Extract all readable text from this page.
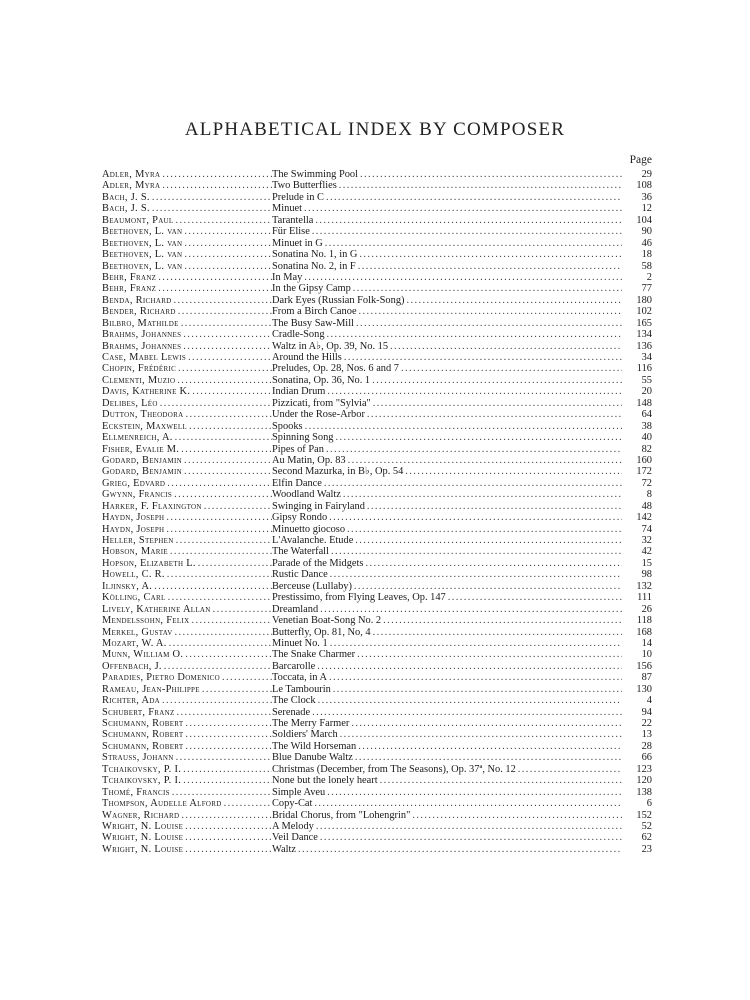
ALPHABETICAL INDEX BY COMPOSER
Page
Adler, Myra . . .	The Swimming Pool . . .	29
Adler, Myra . . .	Two Butterflies . . .	108
Bach, J. S. . . .	Prelude in C . . .	36
Bach, J. S. . . .	Minuet . . .	12
Beaumont, Paul . . .	Tarantella . . .	104
Beethoven, L. van . . .	Für Elise . . .	90
Beethoven, L. van . . .	Minuet in G . . .	46
Beethoven, L. van . . .	Sonatina No. 1, in G . . .	18
Beethoven, L. van . . .	Sonatina No. 2, in F . . .	58
Behr, Franz . . .	In May . . .	2
Behr, Franz . . .	In the Gipsy Camp . . .	77
Benda, Richard . . .	Dark Eyes (Russian Folk-Song) . . .	180
Bender, Richard . . .	From a Birch Canoe . . .	102
Bilbro, Mathilde . . .	The Busy Saw-Mill . . .	165
Brahms, Johannes . . .	Cradle-Song . . .	134
Brahms, Johannes . . .	Waltz in A♭, Op. 39, No. 15 . . .	136
Case, Mabel Lewis . . .	Around the Hills . . .	34
Chopin, Frédéric . . .	Preludes, Op. 28, Nos. 6 and 7 . . .	116
Clementi, Muzio . . .	Sonatina, Op. 36, No. 1 . . .	55
Davis, Katherine K. . . .	Indian Drum . . .	20
Delibes, Léo . . .	Pizzicati, from "Sylvia" . . .	148
Dutton, Theodora . . .	Under the Rose-Arbor . . .	64
Eckstein, Maxwell . . .	Spooks . . .	38
Ellmenreich, A. . . .	Spinning Song . . .	40
Fisher, Evalie M. . . .	Pipes of Pan . . .	82
Godard, Benjamin . . .	Au Matin, Op. 83 . . .	160
Godard, Benjamin . . .	Second Mazurka, in B♭, Op. 54 . . .	172
Grieg, Edvard . . .	Elfin Dance . . .	72
Gwynn, Francis . . .	Woodland Waltz . . .	8
Harker, F. Flaxington . . .	Swinging in Fairyland . . .	48
Haydn, Joseph . . .	Gipsy Rondo . . .	142
Haydn, Joseph . . .	Minuetto giocoso . . .	74
Heller, Stephen . . .	L'Avalanche. Étude . . .	32
Hobson, Marie . . .	The Waterfall . . .	42
Hopson, Elizabeth L. . . .	Parade of the Midgets . . .	15
Howell, C. R. . . .	Rustic Dance . . .	98
Iljinsky, A. . . .	Berceuse (Lullaby) . . .	132
Kölling, Carl . . .	Prestissimo, from Flying Leaves, Op. 147 . . .	111
Lively, Katherine Allan . . .	Dreamland . . .	26
Mendelssohn, Felix . . .	Venetian Boat-Song No. 2 . . .	118
Merkel, Gustav . . .	Butterfly, Op. 81, No, 4 . . .	168
Mozart, W. A. . . .	Minuet No. 1 . . .	14
Munn, William O. . . .	The Snake Charmer . . .	10
Offenbach, J. . . .	Barcarolle . . .	156
Paradies, Pietro Domenico . . .	Toccata, in A . . .	87
Rameau, Jean-Philippe . . .	Le Tambourin . . .	130
Richter, Ada . . .	The Clock . . .	4
Schubert, Franz . . .	Serenade . . .	94
Schumann, Robert . . .	The Merry Farmer . . .	22
Schumann, Robert . . .	Soldiers' March . . .	13
Schumann, Robert . . .	The Wild Horseman . . .	28
Strauss, Johann . . .	Blue Danube Waltz . . .	66
Tchaikovsky, P. I. . . .	Christmas (December, from The Seasons), Op. 37ª, No. 12 . . .	123
Tchaikovsky, P. I. . . .	None but the lonely heart . . .	120
Thomé, Francis . . .	Simple Aveu . . .	138
Thompson, Audelle Alford . . .	Copy-Cat . . .	6
Wagner, Richard . . .	Bridal Chorus, from "Lohengrin" . . .	152
Wright, N. Louise . . .	A Melody . . .	52
Wright, N. Louise . . .	Veil Dance . . .	62
Wright, N. Louise . . .	Waltz . . .	23
